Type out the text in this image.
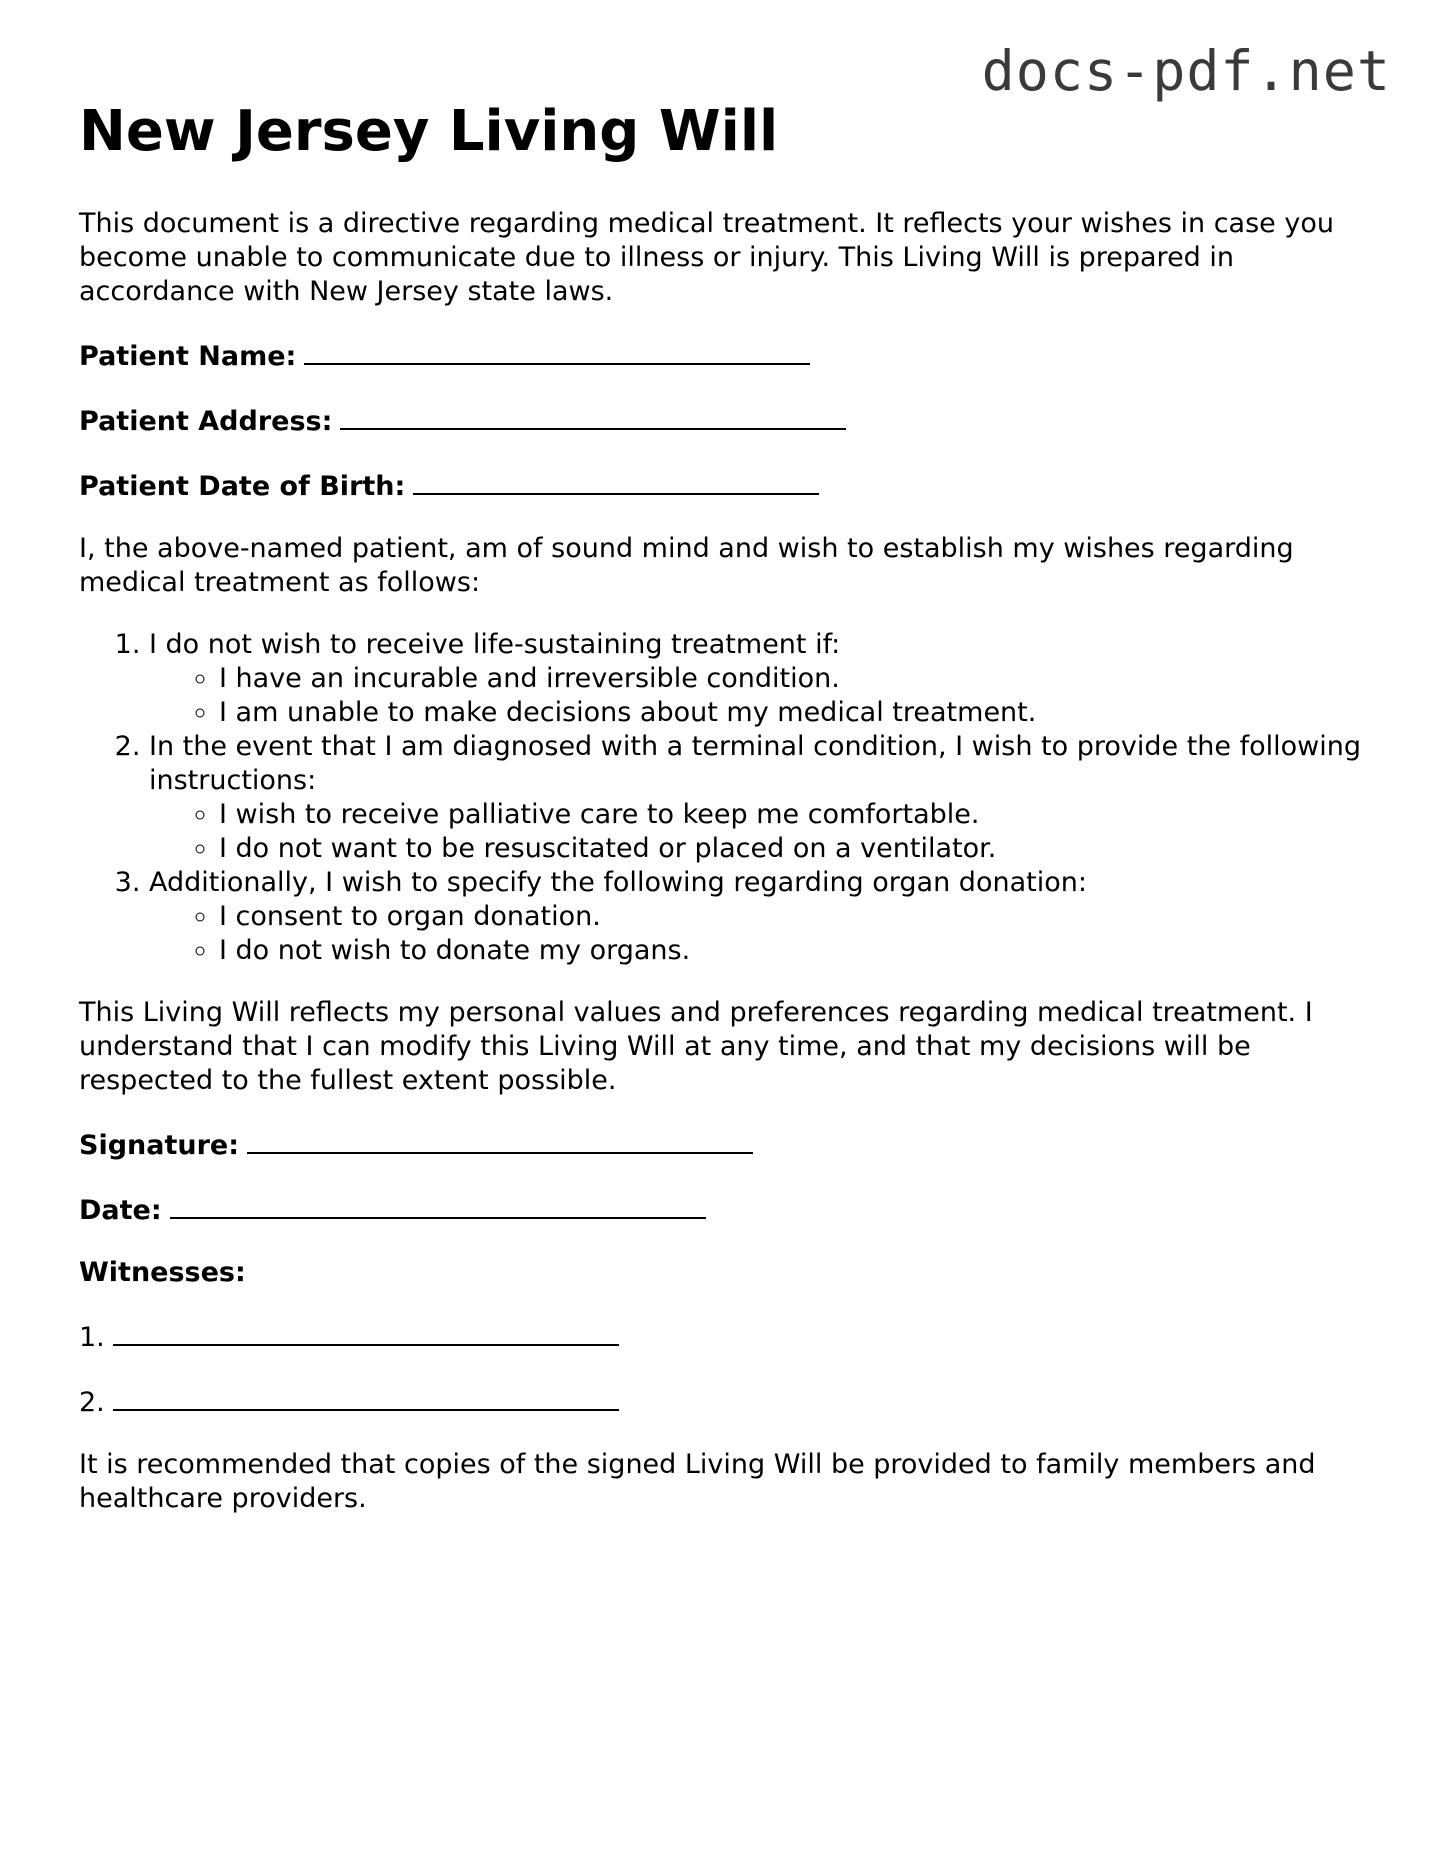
docs-pdf.net
New Jersey Living Will

This document is a directive regarding medical treatment. It reflects your wishes in case you become unable to communicate due to illness or injury. This Living Will is prepared in accordance with New Jersey state laws.

Patient Name:

Patient Address:

Patient Date of Birth:

I, the above-named patient, am of sound mind and wish to establish my wishes regarding medical treatment as follows:

1. I do not wish to receive life-sustaining treatment if:
◦ I have an incurable and irreversible condition.
◦ I am unable to make decisions about my medical treatment.
2. In the event that I am diagnosed with a terminal condition, I wish to provide the following instructions:
◦ I wish to receive palliative care to keep me comfortable.
◦ I do not want to be resuscitated or placed on a ventilator.
3. Additionally, I wish to specify the following regarding organ donation:
◦ I consent to organ donation.
◦ I do not wish to donate my organs.

This Living Will reflects my personal values and preferences regarding medical treatment. I understand that I can modify this Living Will at any time, and that my decisions will be respected to the fullest extent possible.

Signature:

Date:

Witnesses:

1.
2.

It is recommended that copies of the signed Living Will be provided to family members and healthcare providers.
